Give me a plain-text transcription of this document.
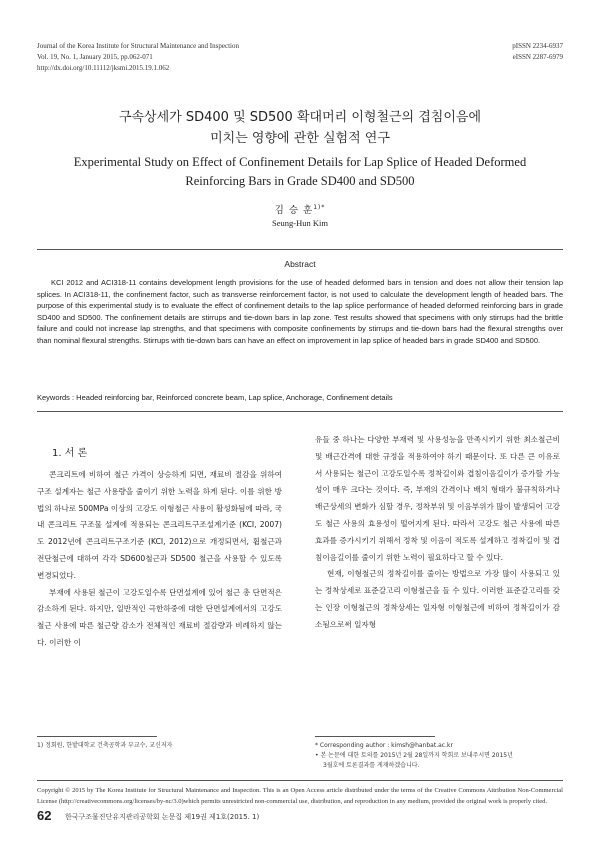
Journal of the Korea Institute for Structural Maintenance and Inspection
Vol. 19, No. 1, January 2015, pp.062-071
http://dx.doi.org/10.11112/jksmi.2015.19.1.062
pISSN 2234-6937
eISSN 2287-6979
구속상세가 SD400 및 SD500 확대머리 이형철근의 겹침이음에
미치는 영향에 관한 실험적 연구
Experimental Study on Effect of Confinement Details for Lap Splice of Headed Deformed
Reinforcing Bars in Grade SD400 and SD500
김 승 훈$^{1)*}$
Seung-Hun Kim
Abstract
KCI 2012 and ACI318-11 contains development length provisions for the use of headed deformed bars in tension and does not allow their tension lap splices. In ACI318-11, the confinement factor, such as transverse reinforcement factor, is not used to calculate the development length of headed bars. The purpose of this experimental study is to evaluate the effect of confinement details to the lap splice performance of headed deformed reinforcing bars in grade SD400 and SD500. The confinement details are stirrups and tie-down bars in lap zone. Test results showed that specimens with only stirrups had the brittle failure and could not increase lap strengths, and that specimens with composite confinements by stirrups and tie-down bars had the flexural strengths over than nominal flexural strengths. Stirrups with tie-down bars can have an effect on improvement in lap splice of headed bars in grade SD400 and SD500.
Keywords : Headed reinforcing bar, Reinforced concrete beam, Lap splice, Anchorage, Confinement details
1. 서 론

콘크리트에 비하여 철근 가격이 상승하게 되면, 재료비 절감을 위하여 구조 설계자는 철근 사용량을 줄이기 위한 노력을 하게 된다. 이를 위한 방법의 하나로 500MPa 이상의 고강도 이형철근 사용이 활성화됨에 따라, 국내 콘크리트 구조물 설계에 적용되는 콘크리트구조설계기준 (KCI, 2007)도 2012년에 콘크리트구조기준 (KCI, 2012)으로 개정되면서, 휨철근과 전단철근에 대하여 각각 SD600철근과 SD500 철근을 사용할 수 있도록 변경되었다.

부재에 사용된 철근이 고강도일수록 단면설계에 있어 철근 총 단면적은 감소하게 된다. 하지만, 일반적인 극한하중에 대한 단면설계에서의 고강도 철근 사용에 따른 철근량 감소가 전체적인 재료비 절감량과 비례하지 않는다. 이러한 이

유들 중 하나는 다양한 부재력 및 사용성능을 만족시키기 위한 최소철근비 및 배근간격에 대한 규정을 적용하여야 하기 때문이다. 또 다른 큰 이유로서 사용되는 철근이 고강도일수록 정착길이와 겹침이음길이가 증가할 가능성이 매우 크다는 것이다. 즉, 부재의 간격이나 배치 형태가 불규칙하거나 배근상세의 변화가 심할 경우, 정착부위 및 이음부위가 많이 발생되어 고강도 철근 사용의 효용성이 떨어지게 된다. 따라서 고강도 철근 사용에 따른 효과를 증가시키기 위해서 정착 및 이음이 적도록 설계하고 정착길이 및 겹침이음길이를 줄이기 위한 노력이 필요하다고 할 수 있다.

현재, 이형철근의 정착길이를 줄이는 방법으로 가장 많이 사용되고 있는 정착상세로 표준갈고리 이형철근을 들 수 있다. 이러한 표준갈고리를 갖는 인장 이형철근의 정착상세는 일자형 이형철근에 비하여 정착길이가 감소됨으로써 일자형

1) 정회원, 한밭대학교 건축공학과 부교수, 교신저자	* Corresponding author : kimsh@hanbat.ac.kr
• 본 논문에 대한 토의를 2015년 2월 28일까지 학회로 보내주시면 2015년
3월호에 토론결과를 게재하겠습니다.
Copyright © 2015 by The Korea Institute for Structural Maintenance and Inspection. This is an Open Access article distributed under the terms of the Creative Commons Attribution Non-Commercial License (http://creativecommons.org/licenses/by-nc/3.0)which permits unrestricted non-commercial use, distribution, and reproduction in any medium, provided the original work is properly cited.
62 한국구조물진단유지관리공학회 논문집 제19권 제1호(2015. 1)
